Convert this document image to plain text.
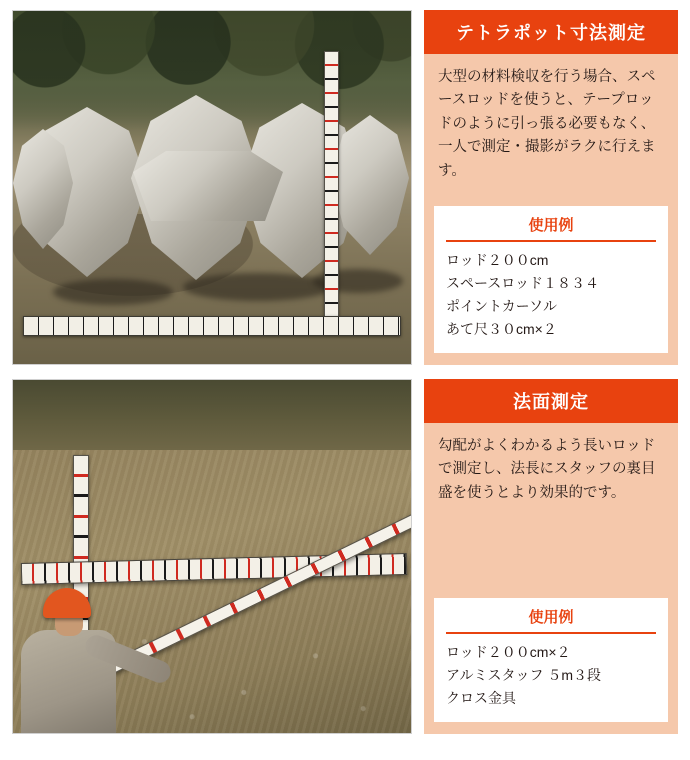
テトラポット寸法測定
大型の材料検収を行う場合、スペースロッドを使うと、テープロッドのように引っ張る必要もなく、一人で測定・撮影がラクに行えます。
使用例
ロッド２００cm
スペースロッド１８３４
ポイントカーソル
あて尺３０cm×２
法面測定
勾配がよくわかるよう長いロッドで測定し、法長にスタッフの裏目盛を使うとより効果的です。
使用例
ロッド２００cm×２
アルミスタッフ ５m３段
クロス金具
